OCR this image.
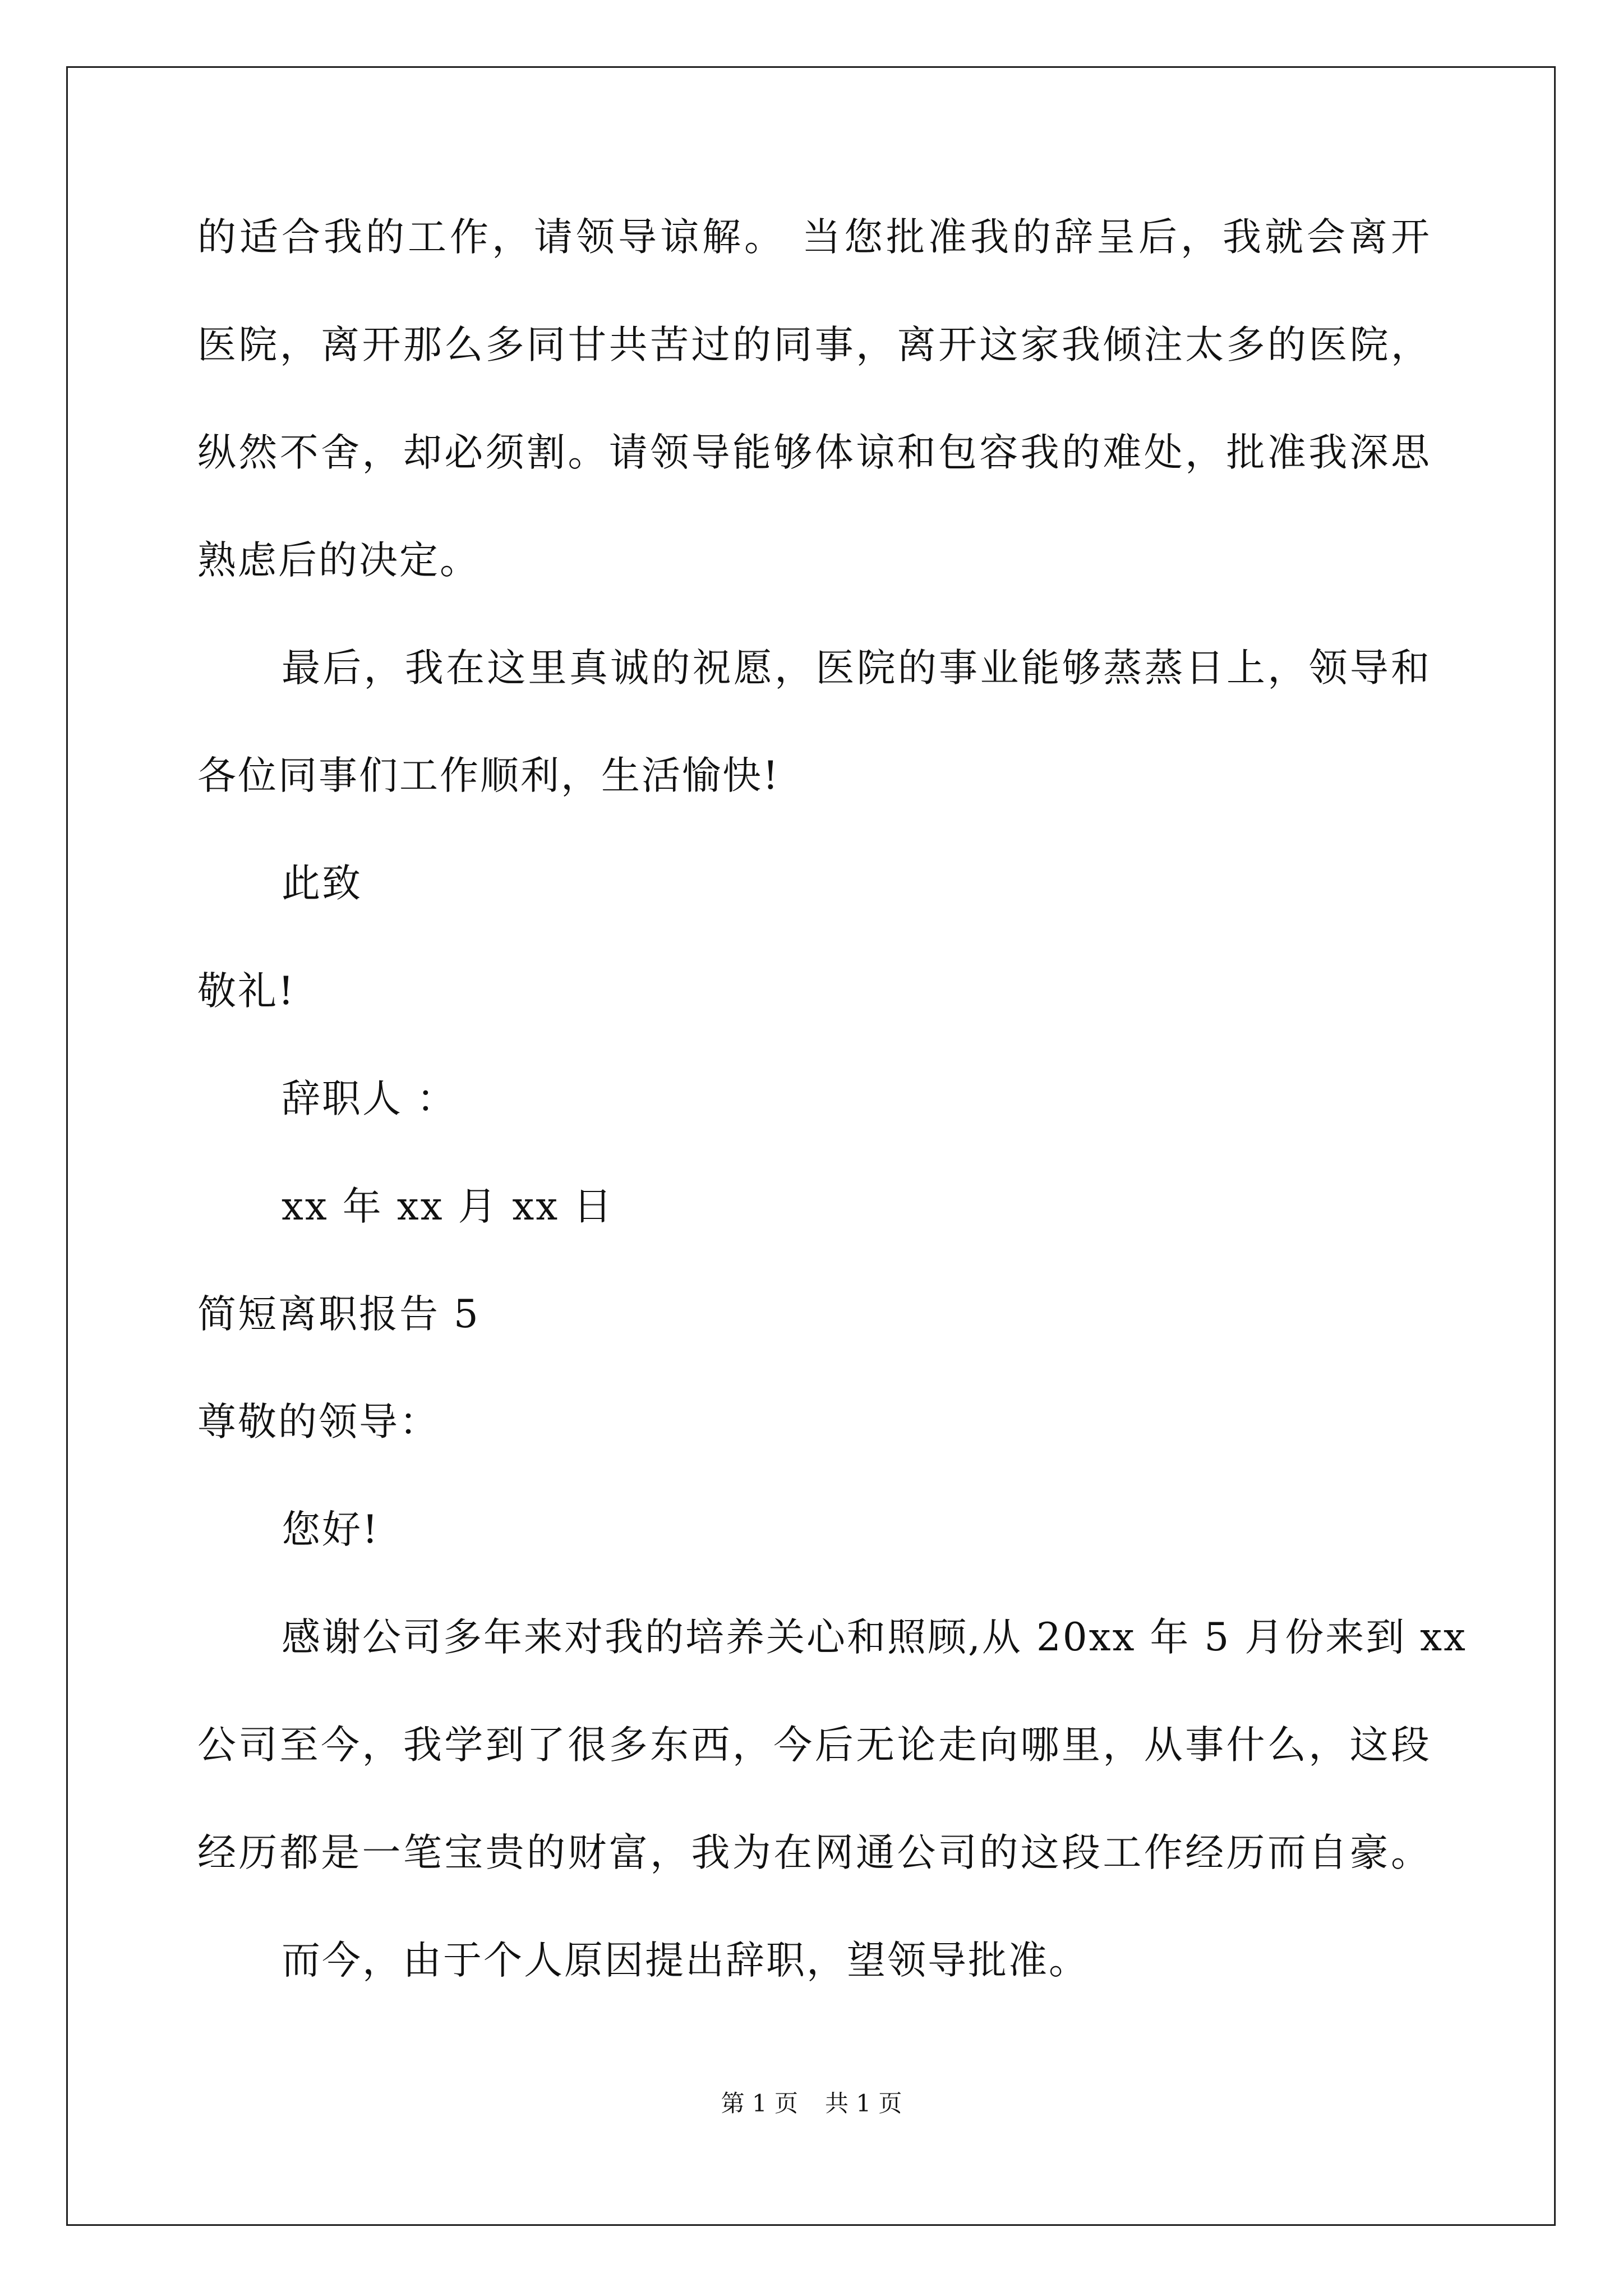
的适合我的工作，请领导谅解。 当您批准我的辞呈后，我就会离开
医院，离开那么多同甘共苦过的同事，离开这家我倾注太多的医院，
纵然不舍，却必须割。请领导能够体谅和包容我的难处，批准我深思
熟虑后的决定。
最后，我在这里真诚的祝愿，医院的事业能够蒸蒸日上，领导和
各位同事们工作顺利，生活愉快!
此致
敬礼!
辞职人 ：
xx 年 xx 月 xx 日
简短离职报告 5
尊敬的领导：
您好!
感谢公司多年来对我的培养关心和照顾,从 20xx 年 5 月份来到 xx
公司至今，我学到了很多东西，今后无论走向哪里，从事什么，这段
经历都是一笔宝贵的财富，我为在网通公司的这段工作经历而自豪。
而今，由于个人原因提出辞职，望领导批准。
第 1 页 共 1 页
